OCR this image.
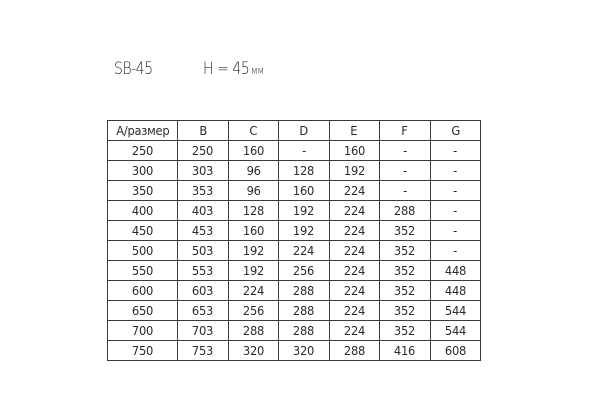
SB-45	H = 45 мм
A/размер	B	C	D	E	F	G
250	250	160	-	160	-	-
300	303	96	128	192	-	-
350	353	96	160	224	-	-
400	403	128	192	224	288	-
450	453	160	192	224	352	-
500	503	192	224	224	352	-
550	553	192	256	224	352	448
600	603	224	288	224	352	448
650	653	256	288	224	352	544
700	703	288	288	224	352	544
750	753	320	320	288	416	608
